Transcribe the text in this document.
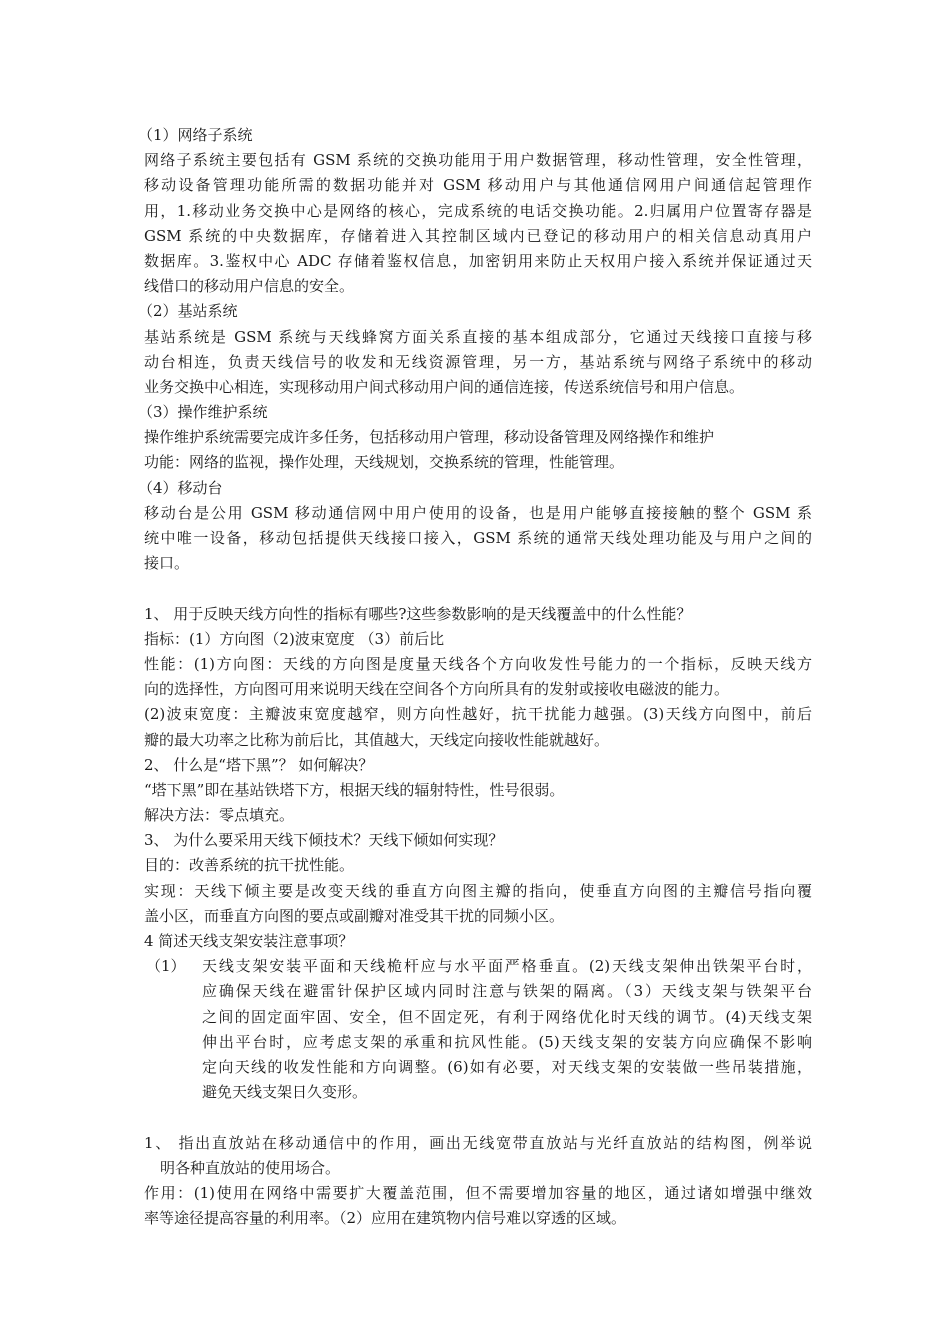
（1）网络子系统
网络子系统主要包括有 GSM 系统的交换功能用于用户数据管理，移动性管理，安全性管理，
移动设备管理功能所需的数据功能并对 GSM 移动用户与其他通信网用户间通信起管理作
用，1.移动业务交换中心是网络的核心，完成系统的电话交换功能。2.归属用户位置寄存器是
GSM 系统的中央数据库，存储着进入其控制区域内已登记的移动用户的相关信息动真用户
数据库。3.鉴权中心 ADC 存储着鉴权信息，加密钥用来防止天权用户接入系统并保证通过天
线借口的移动用户信息的安全。
（2）基站系统
基站系统是 GSM 系统与天线蜂窝方面关系直接的基本组成部分，它通过天线接口直接与移
动台相连，负责天线信号的收发和无线资源管理，另一方，基站系统与网络子系统中的移动
业务交换中心相连，实现移动用户间式移动用户间的通信连接，传送系统信号和用户信息。
（3）操作维护系统
操作维护系统需要完成许多任务，包括移动用户管理，移动设备管理及网络操作和维护
功能：网络的监视，操作处理，天线规划，交换系统的管理，性能管理。
（4）移动台
移动台是公用 GSM 移动通信网中用户使用的设备，也是用户能够直接接触的整个 GSM 系
统中唯一设备，移动包括提供天线接口接入，GSM 系统的通常天线处理功能及与用户之间的
接口。
1、 用于反映天线方向性的指标有哪些?这些参数影响的是天线覆盖中的什么性能？
指标：(1）方向图（2)波束宽度 （3）前后比
性能：(1)方向图：天线的方向图是度量天线各个方向收发性号能力的一个指标，反映天线方
向的选择性，方向图可用来说明天线在空间各个方向所具有的发射或接收电磁波的能力。
(2)波束宽度：主瓣波束宽度越窄，则方向性越好，抗干扰能力越强。(3)天线方向图中，前后
瓣的最大功率之比称为前后比，其值越大，天线定向接收性能就越好。
2、 什么是“塔下黑”？ 如何解决？
“塔下黑”即在基站铁塔下方，根据天线的辐射特性，性号很弱。
解决方法：零点填充。
3、 为什么要采用天线下倾技术？天线下倾如何实现？
目的：改善系统的抗干扰性能。
实现：天线下倾主要是改变天线的垂直方向图主瓣的指向，使垂直方向图的主瓣信号指向覆
盖小区，而垂直方向图的要点或副瓣对准受其干扰的同频小区。
4 简述天线支架安装注意事项？
（1） 天线支架安装平面和天线桅杆应与水平面严格垂直。(2)天线支架伸出铁架平台时，
应确保天线在避雷针保护区域内同时注意与铁架的隔离。（3）天线支架与铁架平台
之间的固定面牢固、安全，但不固定死，有利于网络优化时天线的调节。(4)天线支架
伸出平台时，应考虑支架的承重和抗风性能。(5)天线支架的安装方向应确保不影响
定向天线的收发性能和方向调整。(6)如有必要，对天线支架的安装做一些吊装措施，
避免天线支架日久变形。
1、 指出直放站在移动通信中的作用，画出无线宽带直放站与光纤直放站的结构图，例举说
明各种直放站的使用场合。
作用：(1)使用在网络中需要扩大覆盖范围，但不需要增加容量的地区，通过诸如增强中继效
率等途径提高容量的利用率。（2）应用在建筑物内信号难以穿透的区域。
